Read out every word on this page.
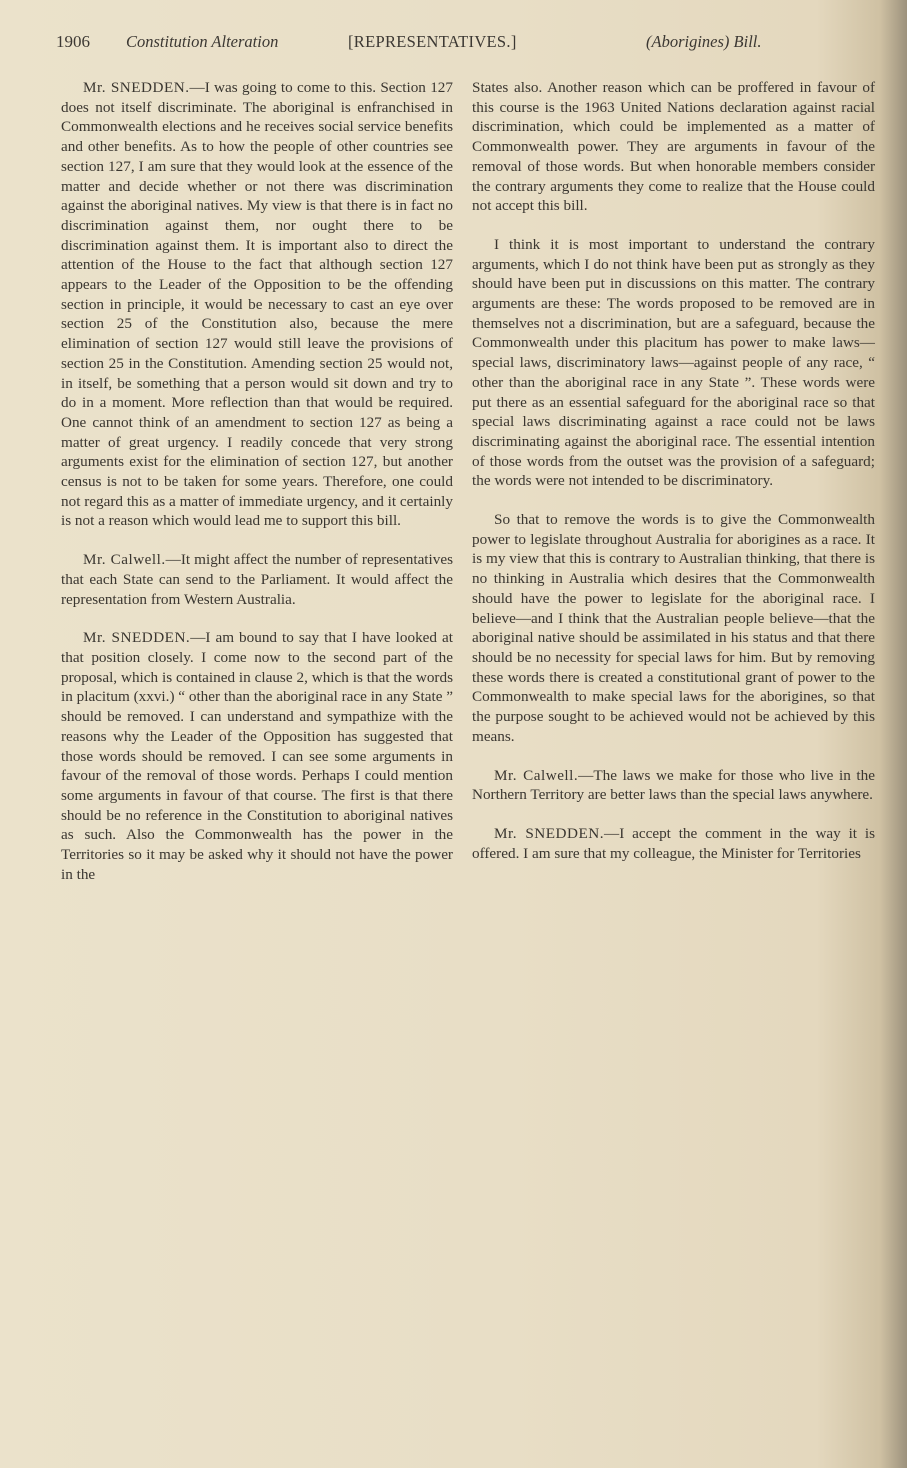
1906 Constitution Alteration	[REPRESENTATIVES.]	(Aborigines) Bill.

Mr. SNEDDEN.—I was going to come to this. Section 127 does not itself discriminate. The aboriginal is enfranchised in Commonwealth elections and he receives social service benefits and other benefits. As to how the people of other countries see section 127, I am sure that they would look at the essence of the matter and decide whether or not there was discrimination against the aboriginal natives. My view is that there is in fact no discrimination against them, nor ought there to be discrimination against them. It is important also to direct the attention of the House to the fact that although section 127 appears to the Leader of the Opposition to be the offending section in principle, it would be necessary to cast an eye over section 25 of the Constitution also, because the mere elimination of section 127 would still leave the provisions of section 25 in the Constitution. Amending section 25 would not, in itself, be something that a person would sit down and try to do in a moment. More reflection than that would be required. One cannot think of an amendment to section 127 as being a matter of great urgency. I readily concede that very strong arguments exist for the elimination of section 127, but another census is not to be taken for some years. Therefore, one could not regard this as a matter of immediate urgency, and it certainly is not a reason which would lead me to support this bill.

Mr. Calwell.—It might affect the number of representatives that each State can send to the Parliament. It would affect the representation from Western Australia.

Mr. SNEDDEN.—I am bound to say that I have looked at that position closely. I come now to the second part of the proposal, which is contained in clause 2, which is that the words in placitum (xxvi.) “ other than the aboriginal race in any State ” should be removed. I can understand and sympathize with the reasons why the Leader of the Opposition has suggested that those words should be removed. I can see some arguments in favour of the removal of those words. Perhaps I could mention some arguments in favour of that course. The first is that there should be no reference in the Constitution to aboriginal natives as such. Also the Commonwealth has the power in the Territories so it may be asked why it should not have the power in the

States also. Another reason which can be proffered in favour of this course is the 1963 United Nations declaration against racial discrimination, which could be implemented as a matter of Commonwealth power. They are arguments in favour of the removal of those words. But when honorable members consider the contrary arguments they come to realize that the House could not accept this bill.

I think it is most important to understand the contrary arguments, which I do not think have been put as strongly as they should have been put in discussions on this matter. The contrary arguments are these: The words proposed to be removed are in themselves not a discrimination, but are a safeguard, because the Commonwealth under this placitum has power to make laws—special laws, discriminatory laws—against people of any race, “ other than the aboriginal race in any State ”. These words were put there as an essential safeguard for the aboriginal race so that special laws discriminating against a race could not be laws discriminating against the aboriginal race. The essential intention of those words from the outset was the provision of a safeguard; the words were not intended to be discriminatory.

So that to remove the words is to give the Commonwealth power to legislate throughout Australia for aborigines as a race. It is my view that this is contrary to Australian thinking, that there is no thinking in Australia which desires that the Commonwealth should have the power to legislate for the aboriginal race. I believe—and I think that the Australian people believe—that the aboriginal native should be assimilated in his status and that there should be no necessity for special laws for him. But by removing these words there is created a constitutional grant of power to the Commonwealth to make special laws for the aborigines, so that the purpose sought to be achieved would not be achieved by this means.

Mr. Calwell.—The laws we make for those who live in the Northern Territory are better laws than the special laws anywhere.

Mr. SNEDDEN.—I accept the comment in the way it is offered. I am sure that my colleague, the Minister for Territories
